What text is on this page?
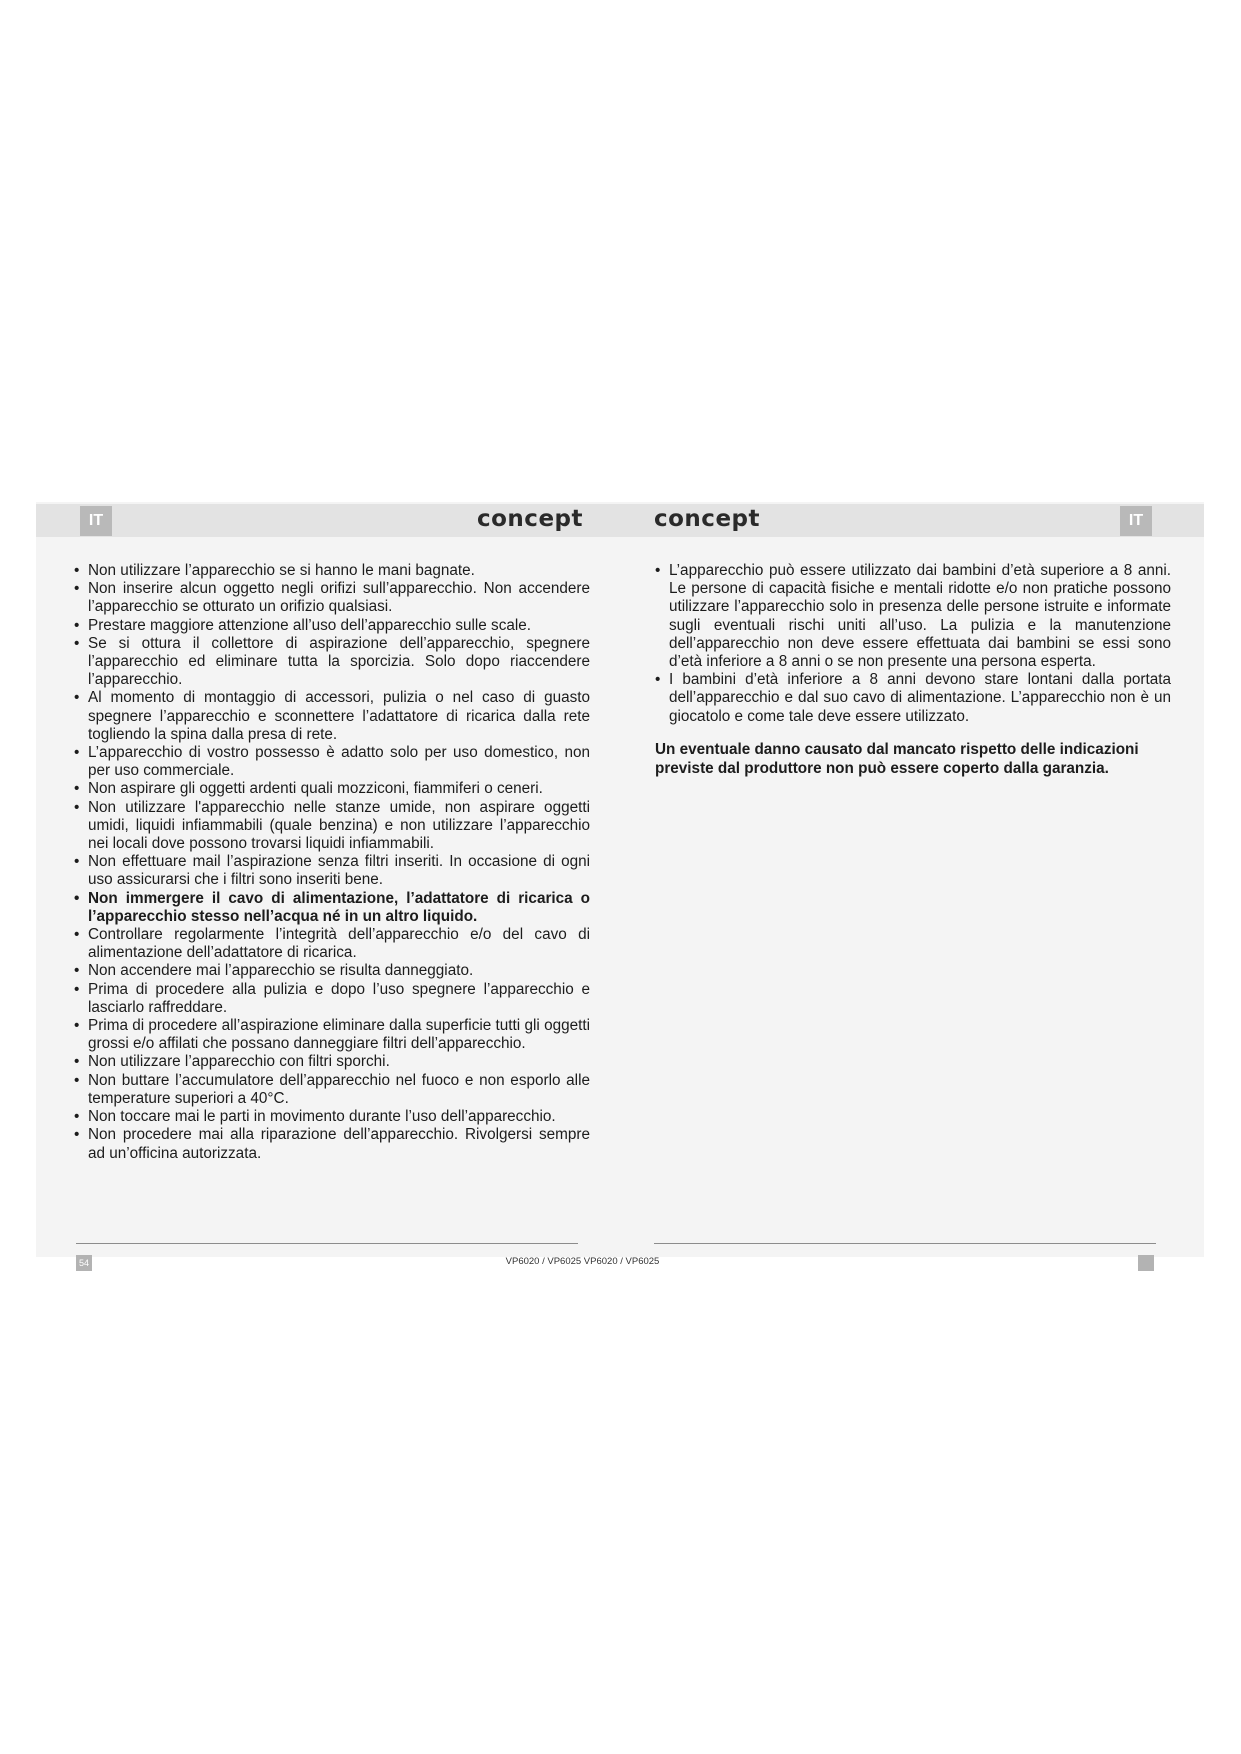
IT	concept	concept	IT
• Non utilizzare l’apparecchio se si hanno le mani bagnate.
• Non inserire alcun oggetto negli orifizi sull’apparecchio. Non accendere l’apparecchio se otturato un orifizio qualsiasi.
• Prestare maggiore attenzione all’uso dell’apparecchio sulle scale.
• Se si ottura il collettore di aspirazione dell’apparecchio, spegnere l’apparecchio ed eliminare tutta la sporcizia. Solo dopo riaccendere l’apparecchio.
• Al momento di montaggio di accessori, pulizia o nel caso di guasto spegnere l’apparecchio e sconnettere l’adattatore di ricarica dalla rete togliendo la spina dalla presa di rete.
• L’apparecchio di vostro possesso è adatto solo per uso domestico, non per uso commerciale.
• Non aspirare gli oggetti ardenti quali mozziconi, fiammiferi o ceneri.
• Non utilizzare l'apparecchio nelle stanze umide, non aspirare oggetti umidi, liquidi infiammabili (quale benzina) e non utilizzare l’apparecchio nei locali dove possono trovarsi liquidi infiammabili.
• Non effettuare mail l’aspirazione senza filtri inseriti. In occasione di ogni uso assicurarsi che i filtri sono inseriti bene.
• Non immergere il cavo di alimentazione, l’adattatore di ricarica o l’apparecchio stesso nell’acqua né in un altro liquido.
• Controllare regolarmente l’integrità dell’apparecchio e/o del cavo di alimentazione dell’adattatore di ricarica.
• Non accendere mai l’apparecchio se risulta danneggiato.
• Prima di procedere alla pulizia e dopo l’uso spegnere l’apparecchio e lasciarlo raffreddare.
• Prima di procedere all’aspirazione eliminare dalla superficie tutti gli oggetti grossi e/o affilati che possano danneggiare filtri dell’apparecchio.
• Non utilizzare l’apparecchio con filtri sporchi.
• Non buttare l’accumulatore dell’apparecchio nel fuoco e non esporlo alle temperature superiori a 40°C.
• Non toccare mai le parti in movimento durante l’uso dell’apparecchio.
• Non procedere mai alla riparazione dell’apparecchio. Rivolgersi sempre ad un’officina autorizzata.
• L’apparecchio può essere utilizzato dai bambini d’età superiore a 8 anni. Le persone di capacità fisiche e mentali ridotte e/o non pratiche possono utilizzare l’apparecchio solo in presenza delle persone istruite e informate sugli eventuali rischi uniti all’uso. La pulizia e la manutenzione dell’apparecchio non deve essere effettuata dai bambini se essi sono d’età inferiore a 8 anni o se non presente una persona esperta.
• I bambini d’età inferiore a 8 anni devono stare lontani dalla portata dell’apparecchio e dal suo cavo di alimentazione. L’apparecchio non è un giocatolo e come tale deve essere utilizzato.
Un eventuale danno causato dal mancato rispetto delle indicazioni previste dal produttore non può essere coperto dalla garanzia.
54	VP6020 / VP6025 VP6020 / VP6025
